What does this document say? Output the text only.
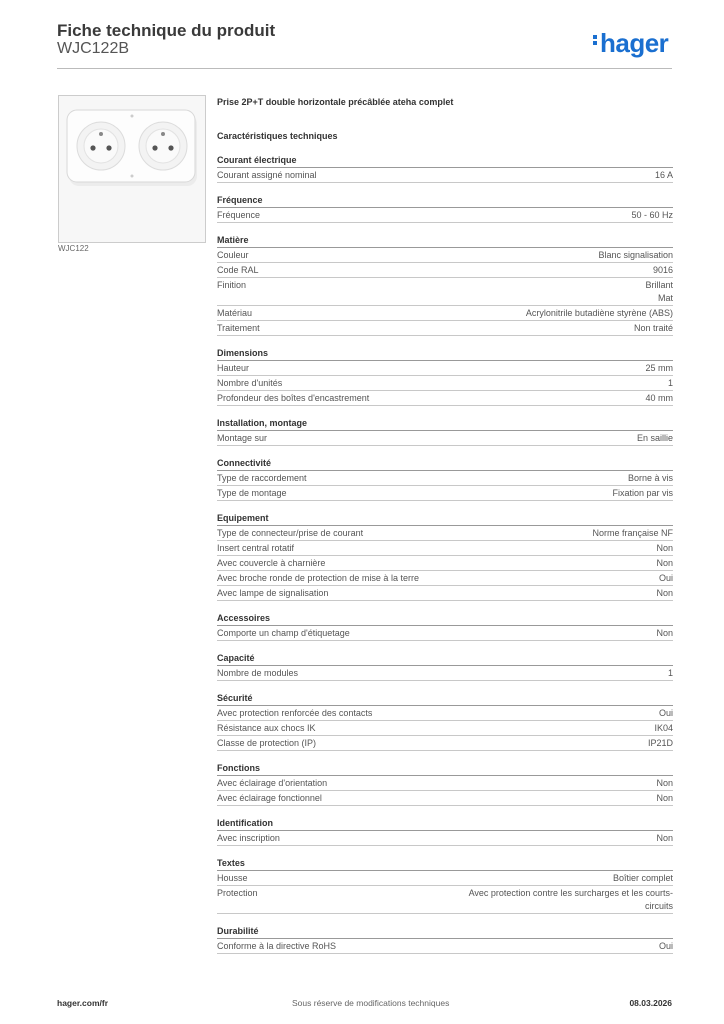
Fiche technique du produit
WJC122B	hager
WJC122
Prise 2P+T double horizontale précâblée ateha complet
Caractéristiques techniques
Courant électrique
Courant assigné nominal	16 A
Fréquence
Fréquence	50 - 60 Hz
Matière
Couleur	Blanc signalisation
Code RAL	9016
Finition	Brillant
Mat
Matériau	Acrylonitrile butadiène styrène (ABS)
Traitement	Non traité
Dimensions
Hauteur	25 mm
Nombre d'unités	1
Profondeur des boîtes d'encastrement	40 mm
Installation, montage
Montage sur	En saillie
Connectivité
Type de raccordement	Borne à vis
Type de montage	Fixation par vis
Equipement
Type de connecteur/prise de courant	Norme française NF
Insert central rotatif	Non
Avec couvercle à charnière	Non
Avec broche ronde de protection de mise à la terre	Oui
Avec lampe de signalisation	Non
Accessoires
Comporte un champ d'étiquetage	Non
Capacité
Nombre de modules	1
Sécurité
Avec protection renforcée des contacts	Oui
Résistance aux chocs IK	IK04
Classe de protection (IP)	IP21D
Fonctions
Avec éclairage d'orientation	Non
Avec éclairage fonctionnel	Non
Identification
Avec inscription	Non
Textes
Housse	Boîtier complet
Protection	Avec protection contre les surcharges et les courts-
circuits
Durabilité
Conforme à la directive RoHS	Oui
hager.com/fr	Sous réserve de modifications techniques	08.03.2026
